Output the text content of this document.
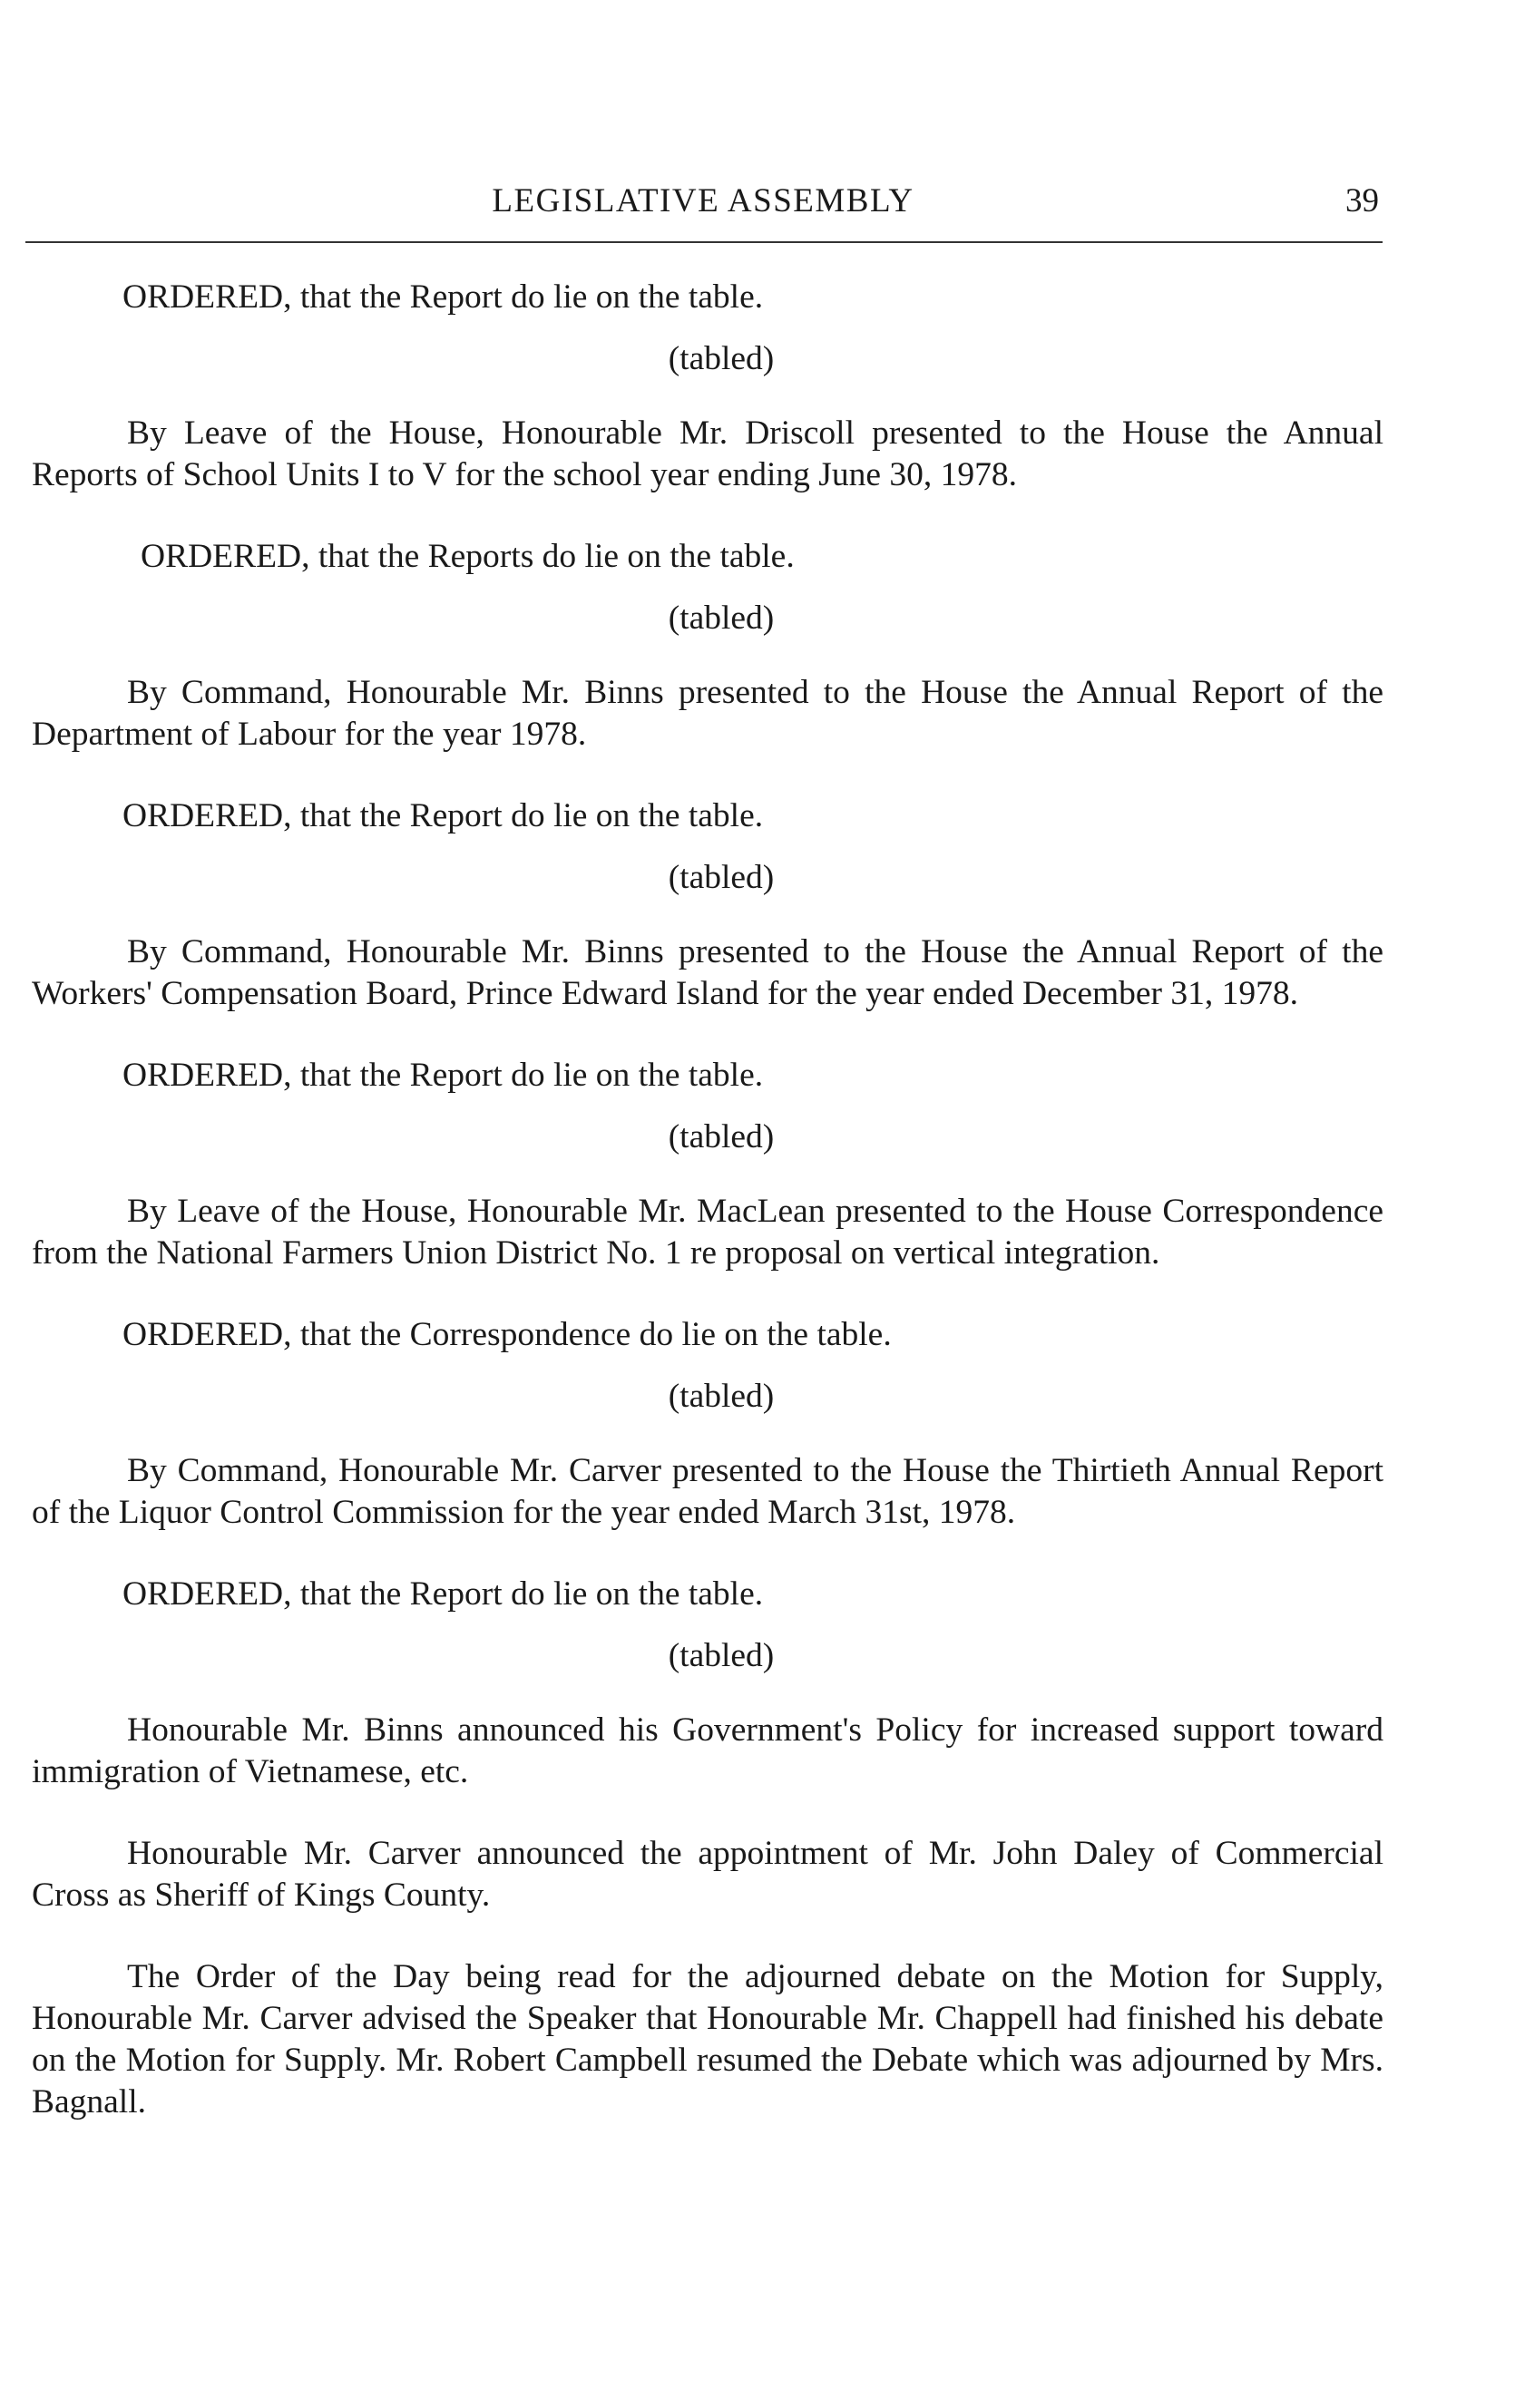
LEGISLATIVE ASSEMBLY	39

ORDERED, that the Report do lie on the table.

(tabled)

By Leave of the House, Honourable Mr. Driscoll presented to the House the Annual Reports of School Units I to V for the school year ending June 30, 1978.

ORDERED, that the Reports do lie on the table.

(tabled)

By Command, Honourable Mr. Binns presented to the House the Annual Report of the Department of Labour for the year 1978.

ORDERED, that the Report do lie on the table.

(tabled)

By Command, Honourable Mr. Binns presented to the House the Annual Report of the Workers' Compensation Board, Prince Edward Island for the year ended December 31, 1978.

ORDERED, that the Report do lie on the table.

(tabled)

By Leave of the House, Honourable Mr. MacLean presented to the House Correspondence from the National Farmers Union District No. 1 re proposal on vertical integration.

ORDERED, that the Correspondence do lie on the table.

(tabled)

By Command, Honourable Mr. Carver presented to the House the Thirtieth Annual Report of the Liquor Control Commission for the year ended March 31st, 1978.

ORDERED, that the Report do lie on the table.

(tabled)

Honourable Mr. Binns announced his Government's Policy for increased support toward immigration of Vietnamese, etc.

Honourable Mr. Carver announced the appointment of Mr. John Daley of Commercial Cross as Sheriff of Kings County.

The Order of the Day being read for the adjourned debate on the Motion for Supply, Honourable Mr. Carver advised the Speaker that Honourable Mr. Chappell had finished his debate on the Motion for Supply. Mr. Robert Campbell resumed the Debate which was adjourned by Mrs. Bagnall.
